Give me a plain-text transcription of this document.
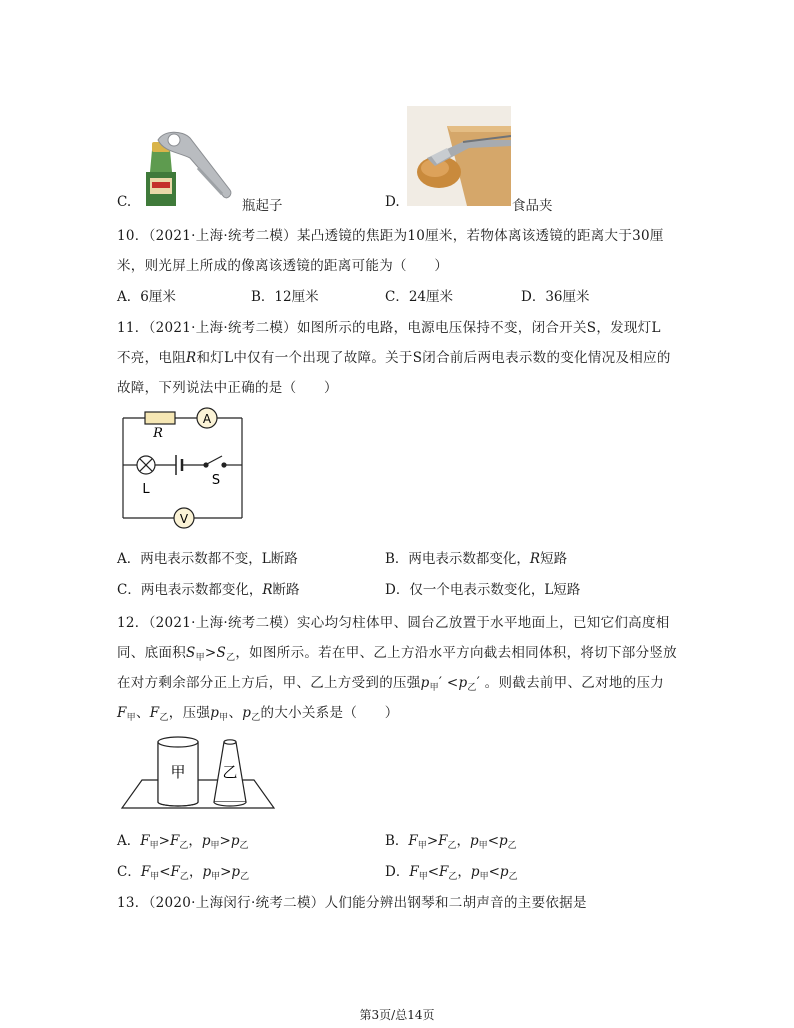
C.	瓶起子	D.	食品夹
10．（2021·上海·统考二模）某凸透镜的焦距为10厘米，若物体离该透镜的距离大于30厘
米，则光屏上所成的像离该透镜的距离可能为（　　）
A．6厘米	B．12厘米	C．24厘米	D．36厘米
11．（2021·上海·统考二模）如图所示的电路，电源电压保持不变，闭合开关S，发现灯L
不亮，电阻R和灯L中仅有一个出现了故障。关于S闭合前后两电表示数的变化情况及相应的
故障，下列说法中正确的是（　　）
R
A
L
S
V
A．两电表示数都不变，L断路	B．两电表示数都变化，R短路
C．两电表示数都变化，R断路	D．仅一个电表示数变化，L短路
12．（2021·上海·统考二模）实心均匀柱体甲、圆台乙放置于水平地面上，已知它们高度相
同、底面积$S_甲>S_乙$，如图所示。若在甲、乙上方沿水平方向截去相同体积，将切下部分竖放
在对方剩余部分正上方后，甲、乙上方受到的压强$p_甲' <p_乙'$ 。则截去前甲、乙对地的压力
$F_甲$、$F_乙$，压强$p_甲$、$p_乙$的大小关系是（　　）
甲 乙
A．$F_甲>F_乙$，$p_甲>p_乙$	B．$F_甲>F_乙$，$p_甲<p_乙$
C．$F_甲<F_乙$，$p_甲>p_乙$	D．$F_甲<F_乙$，$p_甲<p_乙$
13．（2020·上海闵行·统考二模）人们能分辨出钢琴和二胡声音的主要依据是
第3页/总14页
